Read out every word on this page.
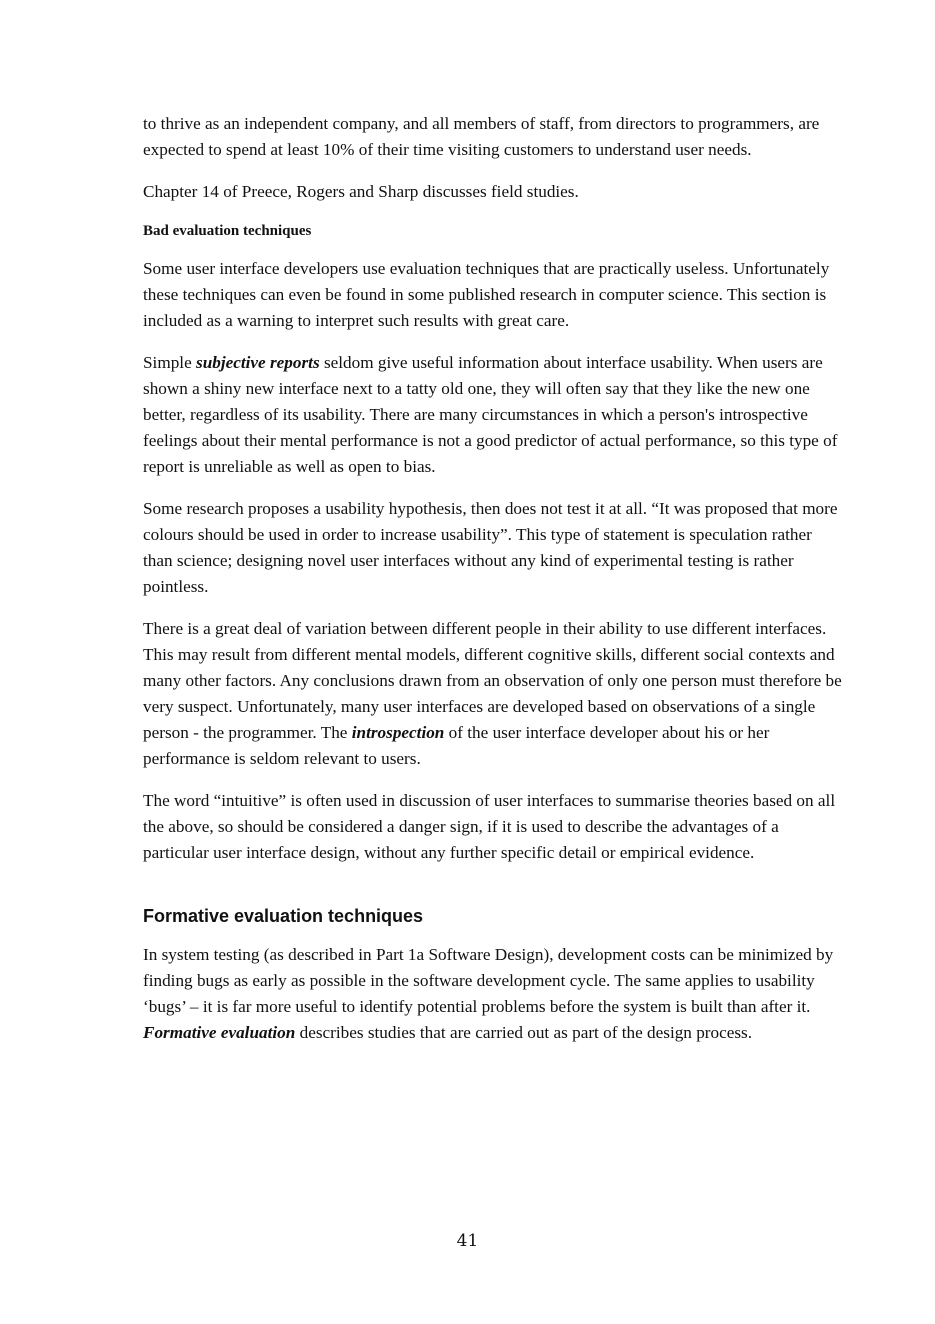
to thrive as an independent company, and all members of staff, from directors to programmers, are expected to spend at least 10% of their time visiting customers to understand user needs.

Chapter 14 of Preece, Rogers and Sharp discusses field studies.

Bad evaluation techniques

Some user interface developers use evaluation techniques that are practically useless. Unfortunately these techniques can even be found in some published research in computer science. This section is included as a warning to interpret such results with great care.

Simple subjective reports seldom give useful information about interface usability. When users are shown a shiny new interface next to a tatty old one, they will often say that they like the new one better, regardless of its usability. There are many circumstances in which a person's introspective feelings about their mental performance is not a good predictor of actual performance, so this type of report is unreliable as well as open to bias.

Some research proposes a usability hypothesis, then does not test it at all. “It was proposed that more colours should be used in order to increase usability”. This type of statement is speculation rather than science; designing novel user interfaces without any kind of experimental testing is rather pointless.

There is a great deal of variation between different people in their ability to use different interfaces. This may result from different mental models, different cognitive skills, different social contexts and many other factors. Any conclusions drawn from an observation of only one person must therefore be very suspect. Unfortunately, many user interfaces are developed based on observations of a single person - the programmer. The introspection of the user interface developer about his or her performance is seldom relevant to users.

The word “intuitive” is often used in discussion of user interfaces to summarise theories based on all the above, so should be considered a danger sign, if it is used to describe the advantages of a particular user interface design, without any further specific detail or empirical evidence.

Formative evaluation techniques

In system testing (as described in Part 1a Software Design), development costs can be minimized by finding bugs as early as possible in the software development cycle. The same applies to usability ‘bugs’ – it is far more useful to identify potential problems before the system is built than after it. Formative evaluation describes studies that are carried out as part of the design process.

41
